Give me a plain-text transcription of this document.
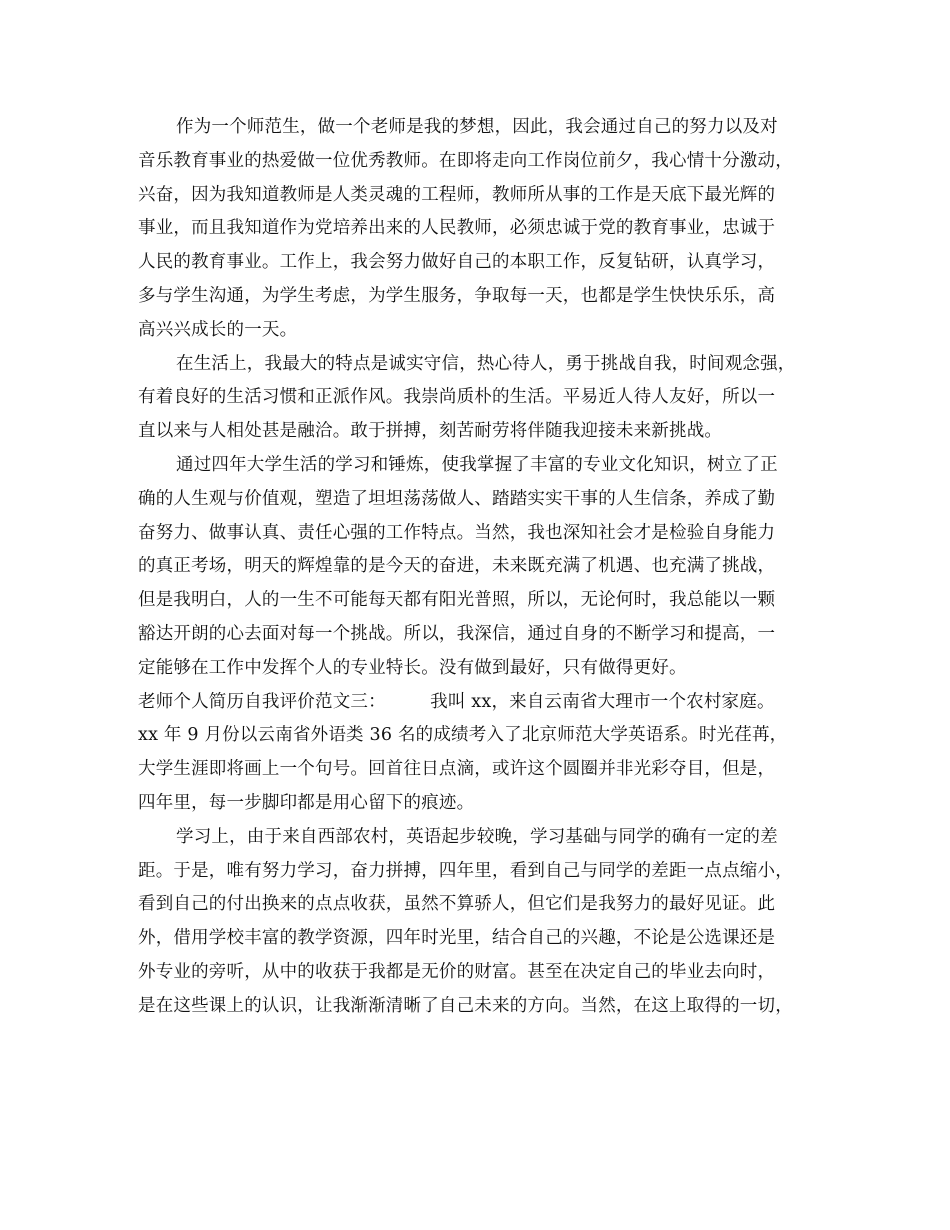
作为一个师范生，做一个老师是我的梦想，因此，我会通过自己的努力以及对
音乐教育事业的热爱做一位优秀教师。在即将走向工作岗位前夕，我心情十分激动，
兴奋，因为我知道教师是人类灵魂的工程师，教师所从事的工作是天底下最光辉的
事业，而且我知道作为党培养出来的人民教师，必须忠诚于党的教育事业，忠诚于
人民的教育事业。工作上，我会努力做好自己的本职工作，反复钻研，认真学习，
多与学生沟通，为学生考虑，为学生服务，争取每一天，也都是学生快快乐乐，高
高兴兴成长的一天。
在生活上，我最大的特点是诚实守信，热心待人，勇于挑战自我，时间观念强，
有着良好的生活习惯和正派作风。我崇尚质朴的生活。平易近人待人友好，所以一
直以来与人相处甚是融洽。敢于拼搏，刻苦耐劳将伴随我迎接未来新挑战。
通过四年大学生活的学习和锤炼，使我掌握了丰富的专业文化知识，树立了正
确的人生观与价值观，塑造了坦坦荡荡做人、踏踏实实干事的人生信条，养成了勤
奋努力、做事认真、责任心强的工作特点。当然，我也深知社会才是检验自身能力
的真正考场，明天的辉煌靠的是今天的奋进，未来既充满了机遇、也充满了挑战，
但是我明白，人的一生不可能每天都有阳光普照，所以，无论何时，我总能以一颗
豁达开朗的心去面对每一个挑战。所以，我深信，通过自身的不断学习和提高，一
定能够在工作中发挥个人的专业特长。没有做到最好，只有做得更好。
老师个人简历自我评价范文三：　　　我叫 xx，来自云南省大理市一个农村家庭。
xx 年 9 月份以云南省外语类 36 名的成绩考入了北京师范大学英语系。时光荏苒，
大学生涯即将画上一个句号。回首往日点滴，或许这个圆圈并非光彩夺目，但是，
四年里，每一步脚印都是用心留下的痕迹。
学习上，由于来自西部农村，英语起步较晚，学习基础与同学的确有一定的差
距。于是，唯有努力学习，奋力拼搏，四年里，看到自己与同学的差距一点点缩小，
看到自己的付出换来的点点收获，虽然不算骄人，但它们是我努力的最好见证。此
外，借用学校丰富的教学资源，四年时光里，结合自己的兴趣，不论是公选课还是
外专业的旁听，从中的收获于我都是无价的财富。甚至在决定自己的毕业去向时，
是在这些课上的认识，让我渐渐清晰了自己未来的方向。当然，在这上取得的一切，
